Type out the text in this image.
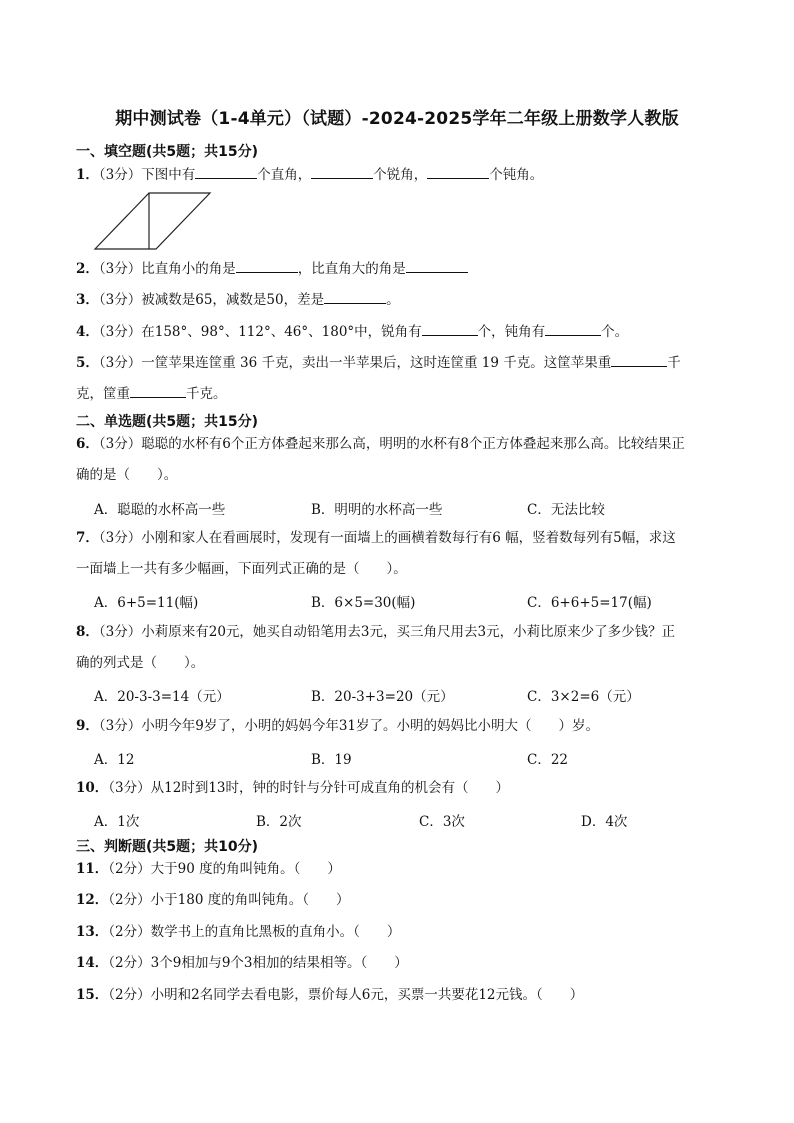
期中测试卷（1-4单元）（试题）-2024-2025学年二年级上册数学人教版
一、填空题(共5题；共15分)
1．（3分）下图中有	个直角，	个锐角，	个钝角。
2．（3分）比直角小的角是	，比直角大的角是
3．（3分）被减数是65，减数是50，差是	。
4．（3分）在158°、98°、112°、46°、180°中，锐角有	个，钝角有	个。
5．（3分）一筐苹果连筐重 36 千克，卖出一半苹果后，这时连筐重 19 千克。这筐苹果重	千
克，筐重	千克。
二、单选题(共5题；共15分)
6．（3分）聪聪的水杯有6个正方体叠起来那么高，明明的水杯有8个正方体叠起来那么高。比较结果正
确的是（　　）。
A．聪聪的水杯高一些	B．明明的水杯高一些	C．无法比较
7．（3分）小刚和家人在看画展时，发现有一面墙上的画横着数每行有6 幅，竖着数每列有5幅，求这
一面墙上一共有多少幅画，下面列式正确的是（　　）。
A．6+5=11(幅)	B．6×5=30(幅)	C．6+6+5=17(幅)
8．（3分）小莉原来有20元，她买自动铅笔用去3元，买三角尺用去3元，小莉比原来少了多少钱？正
确的列式是（　　）。
A．20-3-3=14（元）	B．20-3+3=20（元）	C．3×2=6（元）
9．（3分）小明今年9岁了，小明的妈妈今年31岁了。小明的妈妈比小明大（　　）岁。
A．12	B．19	C．22
10．（3分）从12时到13时，钟的时针与分针可成直角的机会有（　　）
A．1次	B．2次	C．3次	D．4次
三、判断题(共5题；共10分)
11．（2分）大于90 度的角叫钝角。（　　）
12．（2分）小于180 度的角叫钝角。（　　）
13．（2分）数学书上的直角比黑板的直角小。（　　）
14．（2分）3个9相加与9个3相加的结果相等。（　　）
15．（2分）小明和2名同学去看电影，票价每人6元，买票一共要花12元钱。（　　）
